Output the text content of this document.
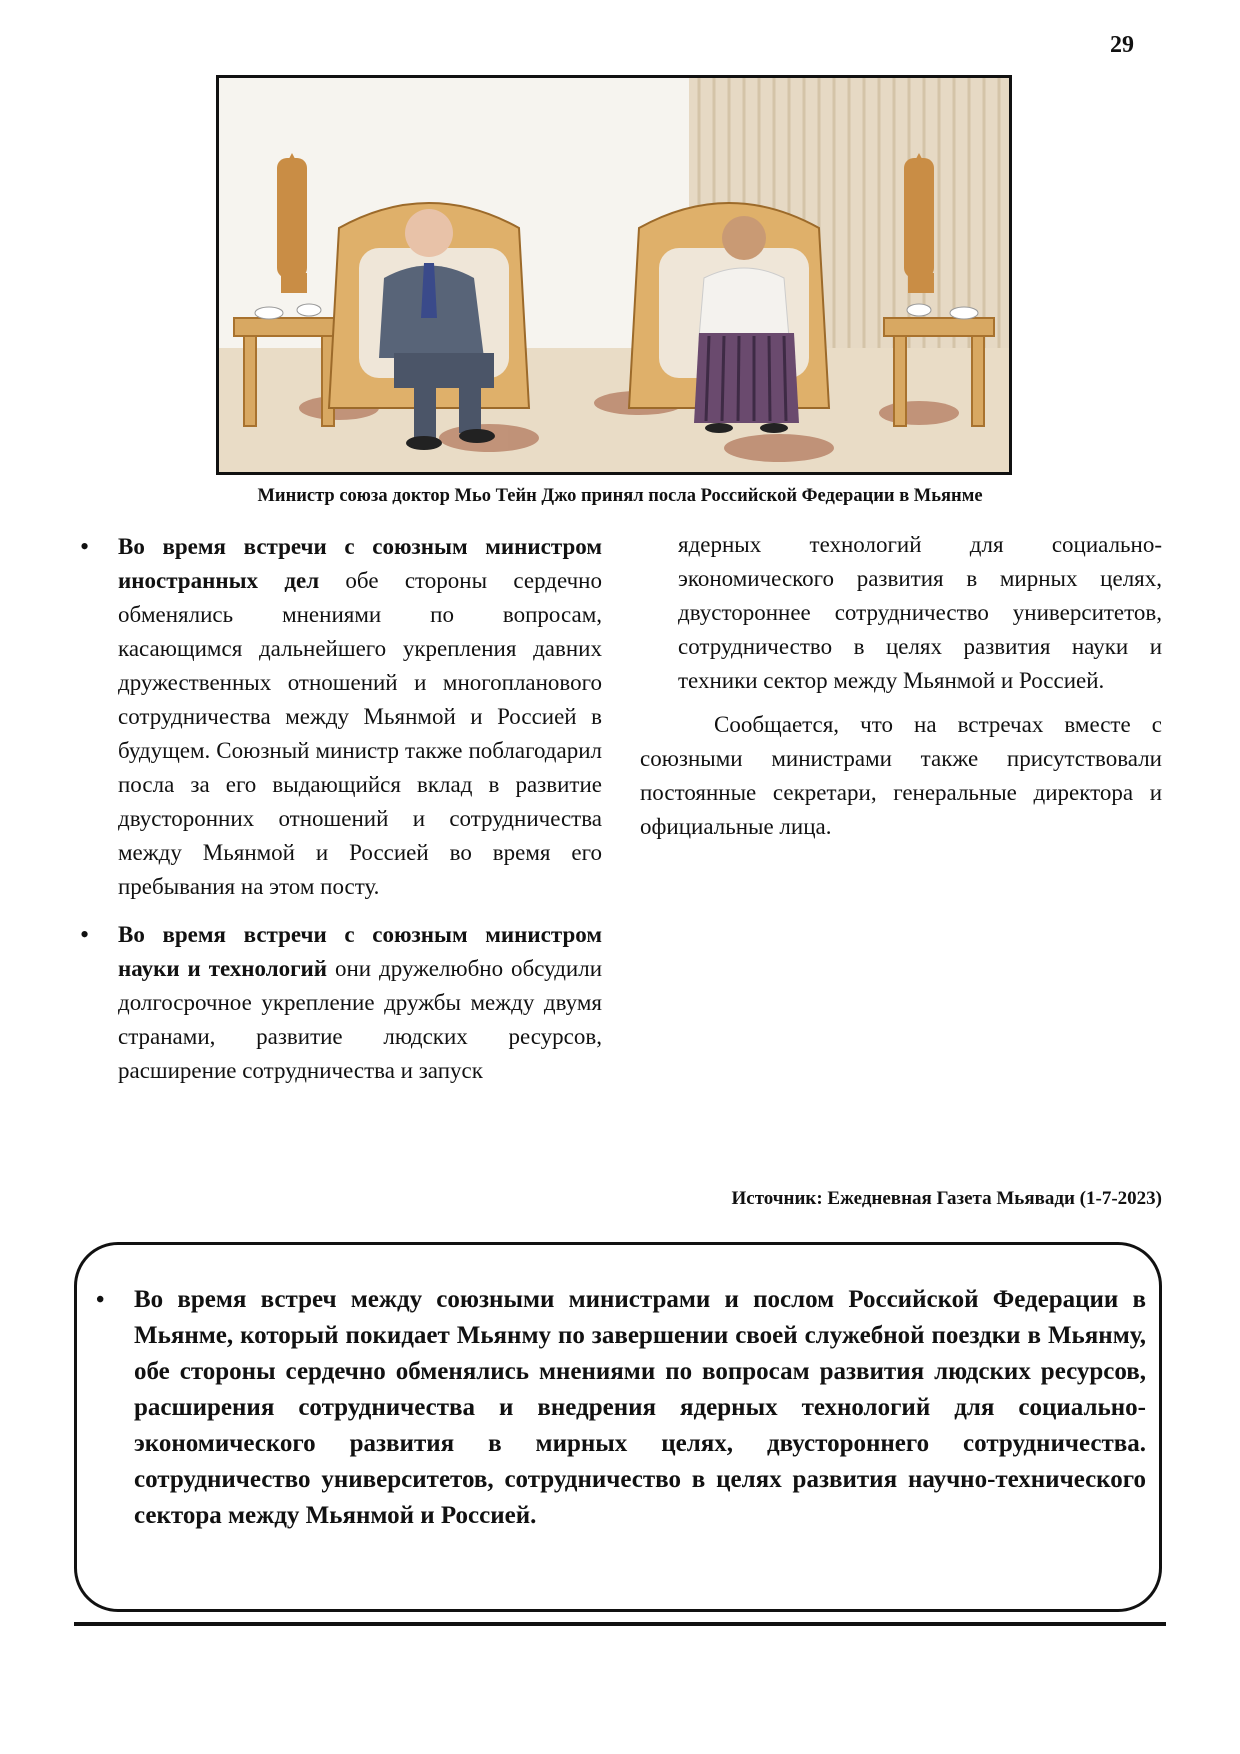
29
Министр союза доктор Мьо Тейн Джо принял посла Российской Федерации в Мьянме
• Во время встречи с союзным министром иностранных дел обе стороны сердечно обменялись мнениями по вопросам, касающимся дальнейшего укрепления давних дружественных отношений и многопланового сотрудничества между Мьянмой и Россией в будущем. Союзный министр также поблагодарил посла за его выдающийся вклад в развитие двусторонних отношений и сотрудничества между Мьянмой и Россией во время его пребывания на этом посту.
• Во время встречи с союзным министром науки и технологий они дружелюбно обсудили долгосрочное укрепление дружбы между двумя странами, развитие людских ресурсов, расширение сотрудничества и запуск

ядерных технологий для социально-экономического развития в мирных целях, двустороннее сотрудничество университетов, сотрудничество в целях развития науки и техники сектор между Мьянмой и Россией.

Сообщается, что на встречах вместе с союзными министрами также присутствовали постоянные секретари, генеральные директора и официальные лица.

Источник: Ежедневная Газета Мьявади (1-7-2023)
• Во время встреч между союзными министрами и послом Российской Федерации в Мьянме, который покидает Мьянму по завершении своей служебной поездки в Мьянму, обе стороны сердечно обменялись мнениями по вопросам развития людских ресурсов, расширения сотрудничества и внедрения ядерных технологий для социально-экономического развития в мирных целях, двустороннего сотрудничества. сотрудничество университетов, сотрудничество в целях развития научно-технического сектора между Мьянмой и Россией.
